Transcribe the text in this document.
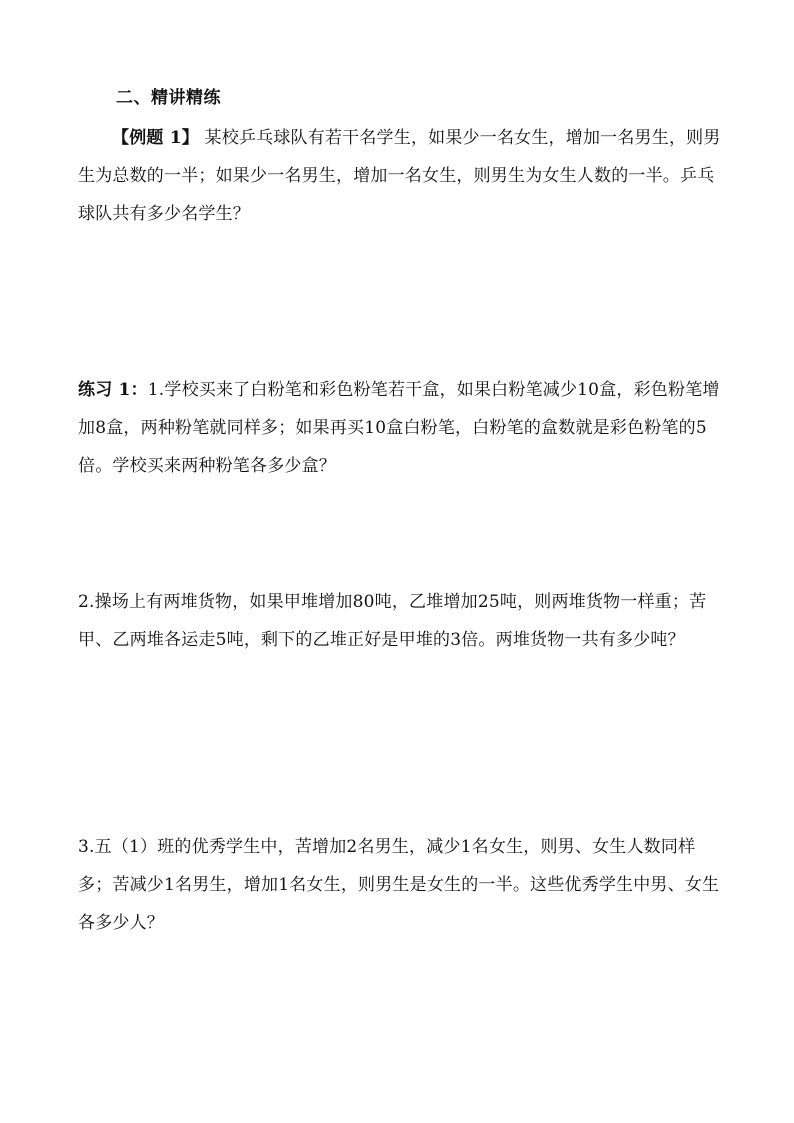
二、精讲精练
【例题 1】 某校乒乓球队有若干名学生，如果少一名女生，增加一名男生，则男生为总数的一半；如果少一名男生，增加一名女生，则男生为女生人数的一半。乒乓球队共有多少名学生？
练习 1：1.学校买来了白粉笔和彩色粉笔若干盒，如果白粉笔减少10盒，彩色粉笔增加8盒，两种粉笔就同样多；如果再买10盒白粉笔，白粉笔的盒数就是彩色粉笔的5倍。学校买来两种粉笔各多少盒？
2.操场上有两堆货物，如果甲堆增加80吨，乙堆增加25吨，则两堆货物一样重；苦甲、乙两堆各运走5吨，剩下的乙堆正好是甲堆的3倍。两堆货物一共有多少吨？
3.五（1）班的优秀学生中，苦增加2名男生，减少1名女生，则男、女生人数同样多；苦减少1名男生，增加1名女生，则男生是女生的一半。这些优秀学生中男、女生各多少人？
